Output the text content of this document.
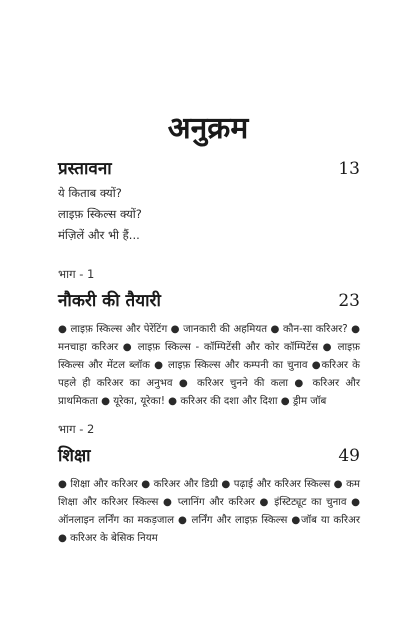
अनुक्रम
प्रस्तावना	13
ये किताब क्यों?
लाइफ़ स्किल्स क्यों?
मंज़िलें और भी हैं...
भाग - 1
नौकरी की तैयारी	23
● लाइफ़ स्किल्स और पेरेंटिंग ● जानकारी की अहमियत ● कौन-सा करिअर? ● मनचाहा करिअर ● लाइफ़ स्किल्स - कॉम्पिटेंसी और कोर कॉम्पिटेंस ● लाइफ़ स्किल्स और मेंटल ब्लॉक ● लाइफ़ स्किल्स और कम्पनी का चुनाव ●करिअर के पहले ही करिअर का अनुभव ● करिअर चुनने की कला ● करिअर और प्राथमिकता ● यूरेका, यूरेका! ● करिअर की दशा और दिशा ● ड्रीम जॉब
भाग - 2
शिक्षा	49
● शिक्षा और करिअर ● करिअर और डिग्री ● पढ़ाई और करिअर स्किल्स ● कम शिक्षा और करिअर स्किल्स ● प्लानिंग और करिअर ● इंस्टिट्यूट का चुनाव ● ऑनलाइन लर्निंग का मकड़जाल ● लर्निंग और लाइफ़ स्किल्स ●जॉब या करिअर ● करिअर के बेसिक नियम
